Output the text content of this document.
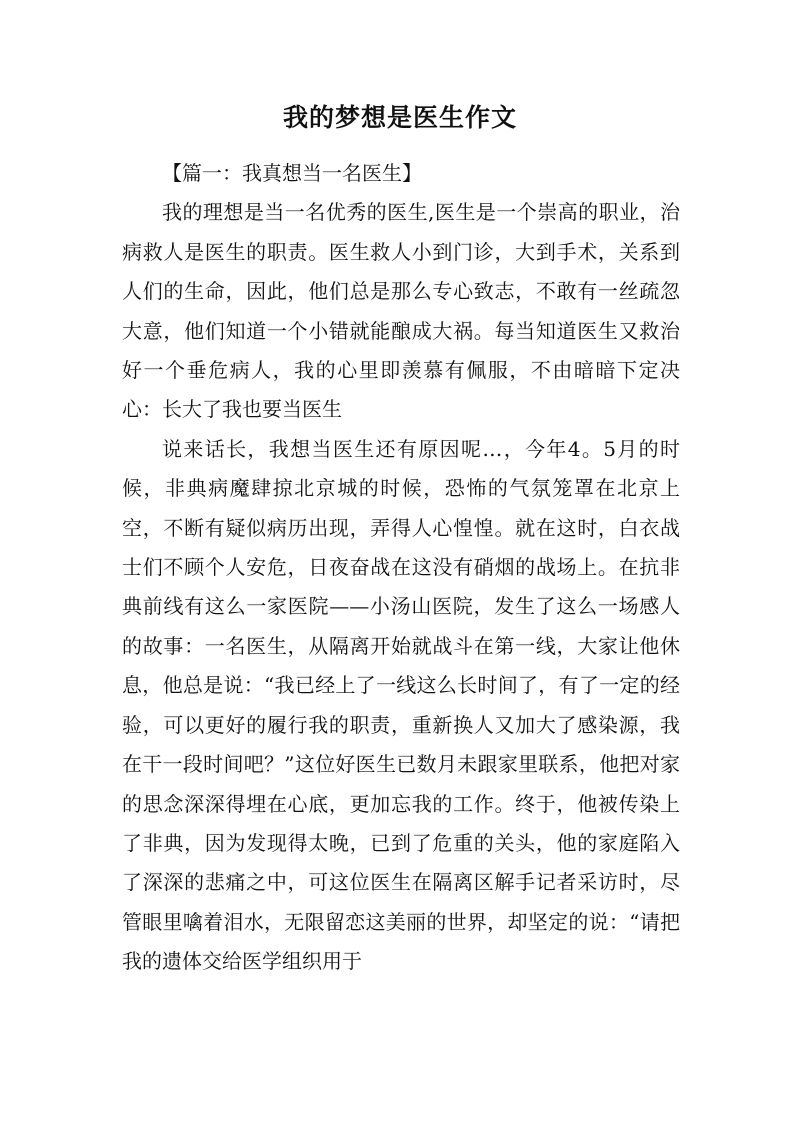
我的梦想是医生作文

【篇一：我真想当一名医生】

我的理想是当一名优秀的医生,医生是一个崇高的职业，治病救人是医生的职责。医生救人小到门诊，大到手术，关系到人们的生命，因此，他们总是那么专心致志，不敢有一丝疏忽大意，他们知道一个小错就能酿成大祸。每当知道医生又救治好一个垂危病人，我的心里即羡慕有佩服，不由暗暗下定决心：长大了我也要当医生

说来话长，我想当医生还有原因呢…，今年4。5月的时候，非典病魔肆掠北京城的时候，恐怖的气氛笼罩在北京上空，不断有疑似病历出现，弄得人心惶惶。就在这时，白衣战士们不顾个人安危，日夜奋战在这没有硝烟的战场上。在抗非典前线有这么一家医院——小汤山医院，发生了这么一场感人的故事：一名医生，从隔离开始就战斗在第一线，大家让他休息，他总是说：“我已经上了一线这么长时间了，有了一定的经验，可以更好的履行我的职责，重新换人又加大了感染源，我在干一段时间吧？”这位好医生已数月未跟家里联系，他把对家的思念深深得埋在心底，更加忘我的工作。终于，他被传染上了非典，因为发现得太晚，已到了危重的关头，他的家庭陷入了深深的悲痛之中，可这位医生在隔离区解手记者采访时，尽管眼里噙着泪水，无限留恋这美丽的世界，却坚定的说：“请把我的遗体交给医学组织用于
